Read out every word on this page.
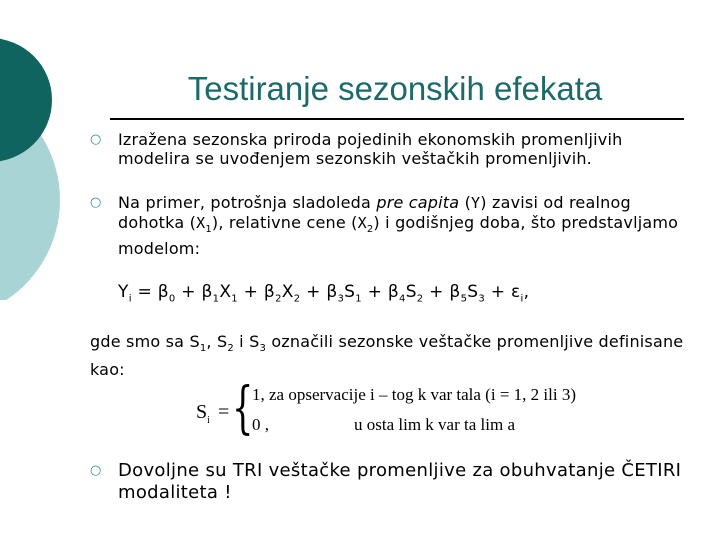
Testiranje sezonskih efekata
○ Izražena sezonska priroda pojedinih ekonomskih promenljivih modelira se uvođenjem sezonskih veštačkih promenljivih.
○ Na primer, potrošnja sladoleda pre capita (Y) zavisi od realnog dohotka $(X_1)$, relativne cene $(X_2)$ i godišnjeg doba, što predstavljamo modelom:
$Y_i = \beta_0 + \beta_1X_1 + \beta_2X_2 + \beta_3S_1 + \beta_4S_2 + \beta_5S_3 + \varepsilon_i$,
gde smo sa $S_1$, $S_2$ i $S_3$ označili sezonske veštačke promenljive definisane kao:
$S_i$ = {
1, za opservacije i – tog k var tala (i = 1, 2 ili 3)
0 ,	u osta lim k var ta lim a
○ Dovoljne su TRI veštačke promenljive za obuhvatanje ČETIRI modaliteta !
